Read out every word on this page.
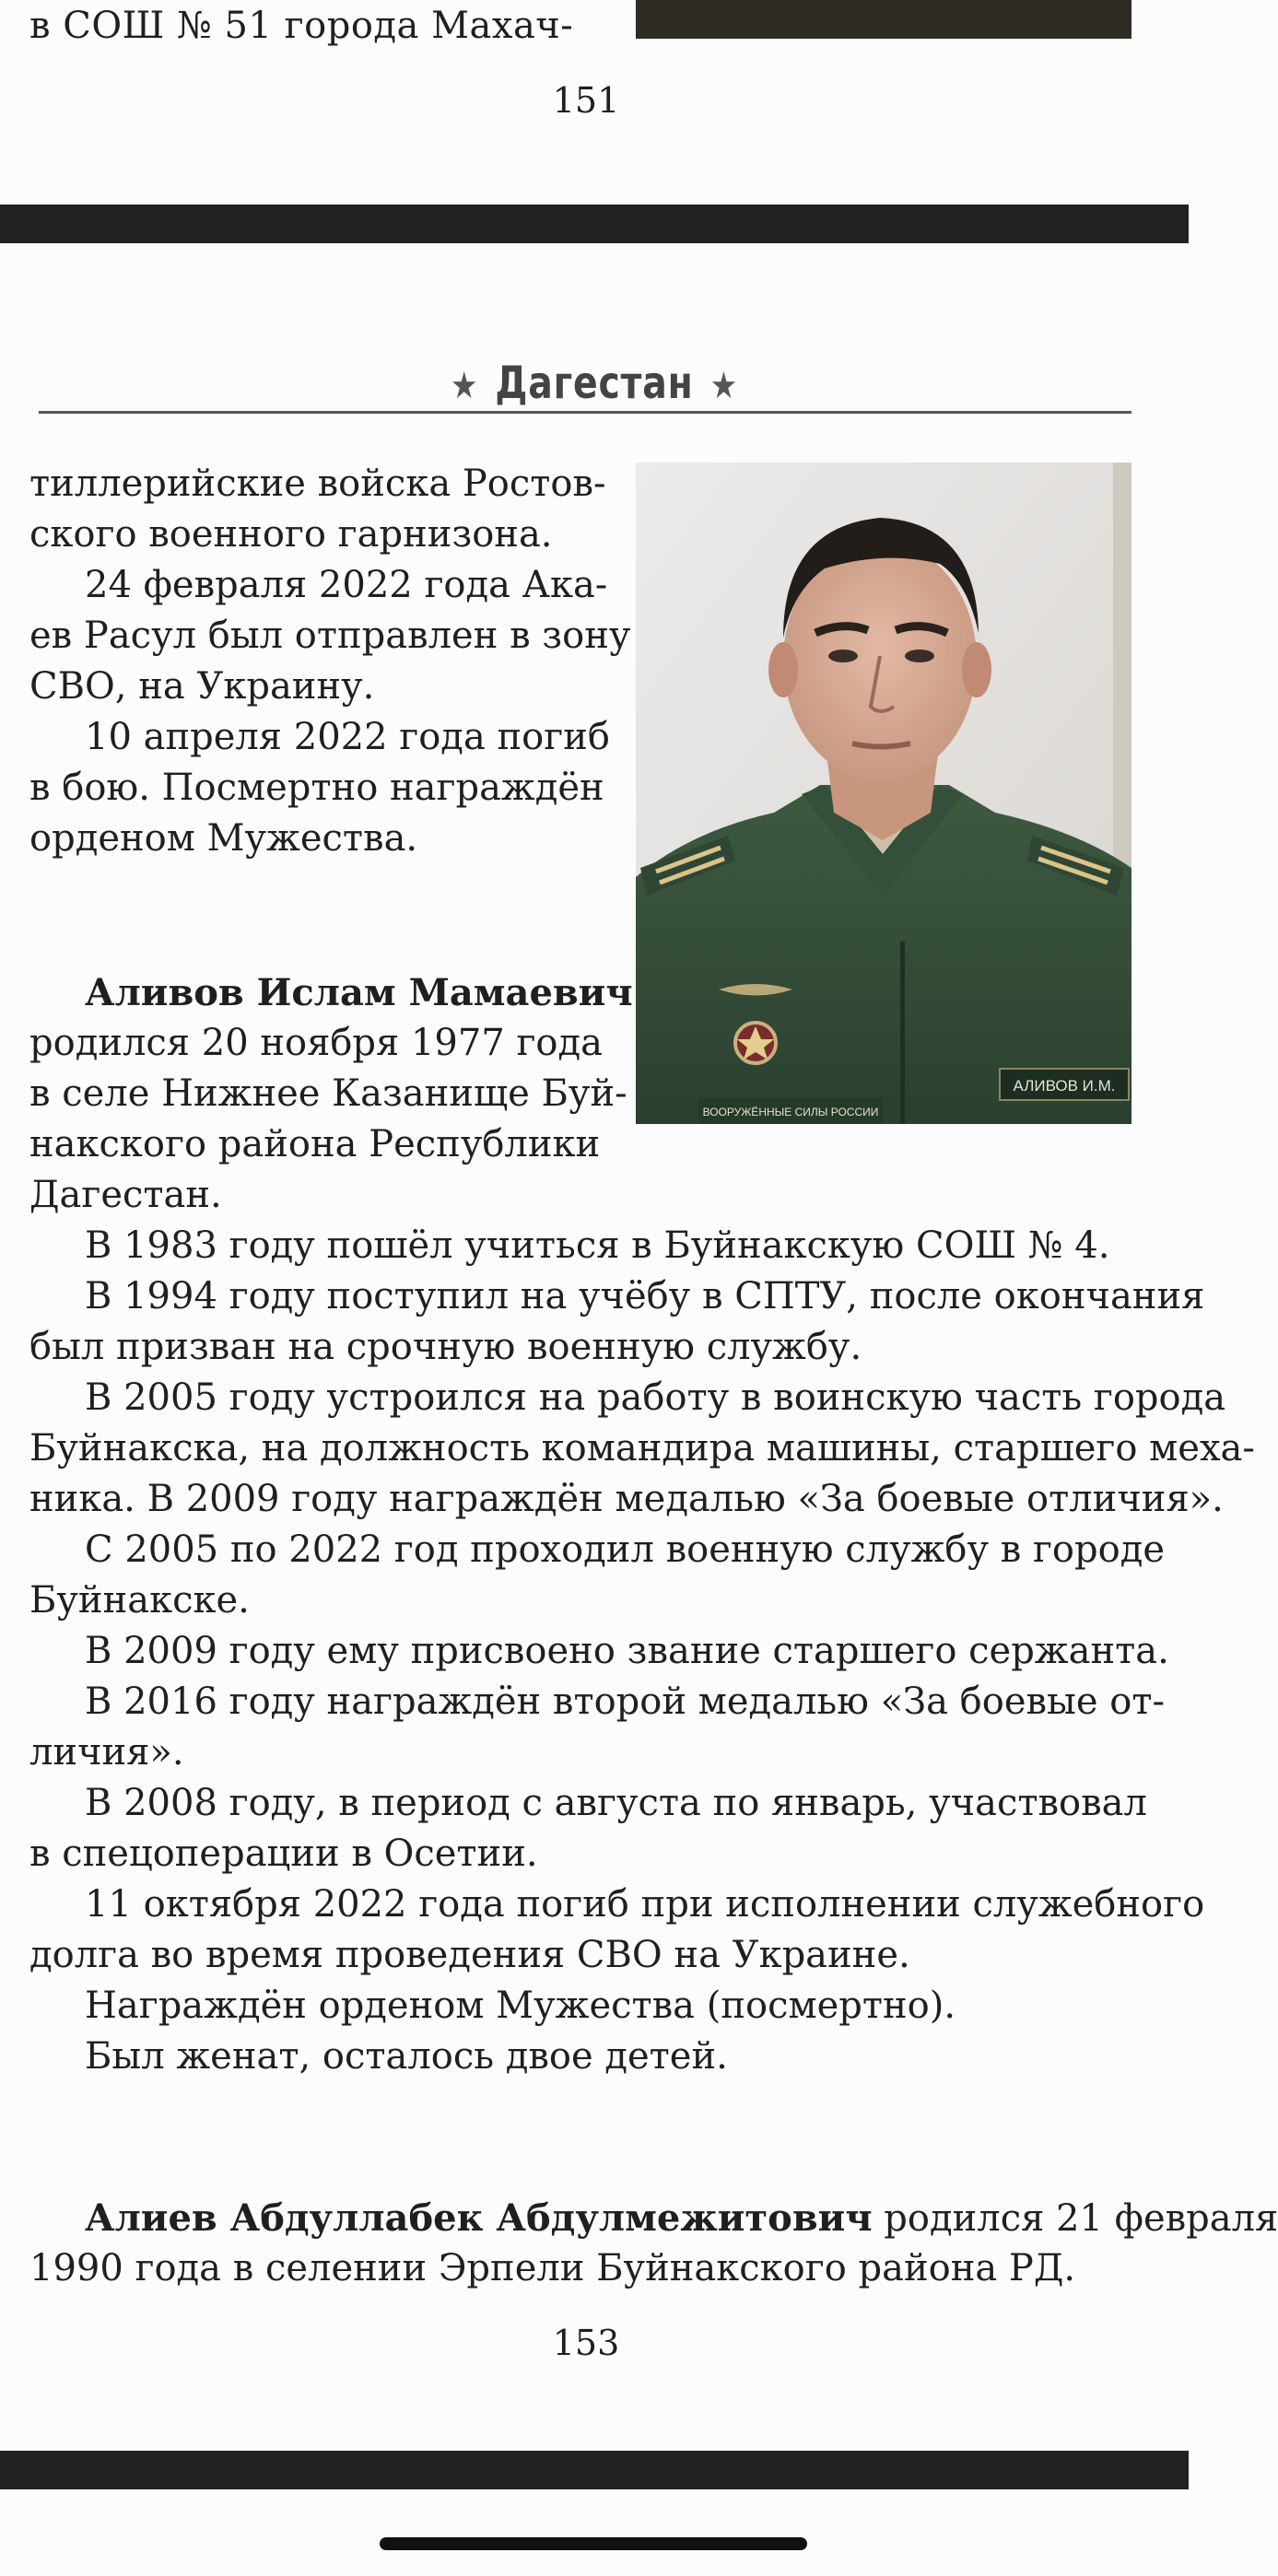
в СОШ № 51 города Махач-
151
★ Дагестан ★
тиллерийские войска Ростов-
ского военного гарнизона.
24 февраля 2022 года Ака-
ев Расул был отправлен в зону
СВО, на Украину.
10 апреля 2022 года погиб
в бою. Посмертно награждён
орденом Мужества.
ВООРУЖЁННЫЕ СИЛЫ РОССИИ
АЛИВОВ И.М.
Аливов Ислам Мамаевич
родился 20 ноября 1977 года
в селе Нижнее Казанище Буй-
накского района Республики
Дагестан.
В 1983 году пошёл учиться в Буйнакскую СОШ № 4.
В 1994 году поступил на учёбу в СПТУ, после окончания
был призван на срочную военную службу.
В 2005 году устроился на работу в воинскую часть города
Буйнакска, на должность командира машины, старшего меха-
ника. В 2009 году награждён медалью «За боевые отличия».
С 2005 по 2022 год проходил военную службу в городе
Буйнакске.
В 2009 году ему присвоено звание старшего сержанта.
В 2016 году награждён второй медалью «За боевые от-
личия».
В 2008 году, в период с августа по январь, участвовал
в спецоперации в Осетии.
11 октября 2022 года погиб при исполнении служебного
долга во время проведения СВО на Украине.
Награждён орденом Мужества (посмертно).
Был женат, осталось двое детей.
Алиев Абдуллабек Абдулмежитович родился 21 февраля
1990 года в селении Эрпели Буйнакского района РД.
153
